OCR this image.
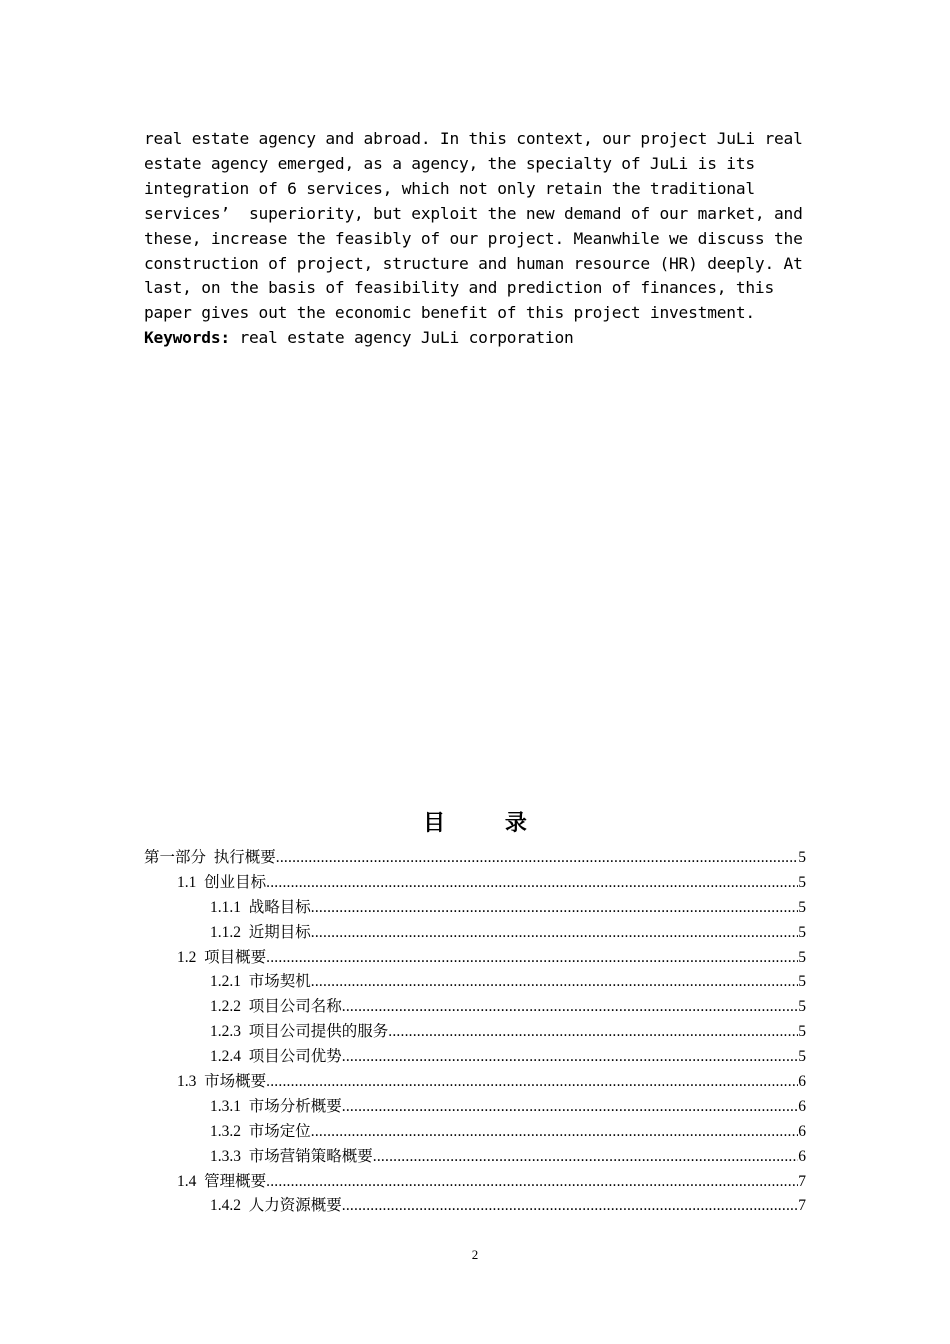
real estate agency and abroad. In this context, our project JuLi real
estate agency emerged, as a agency, the specialty of JuLi is its
integration of 6 services, which not only retain the traditional
services’  superiority, but exploit the new demand of our market, and
these, increase the feasibly of our project. Meanwhile we discuss the
construction of project, structure and human resource (HR) deeply. At
last, on the basis of feasibility and prediction of finances, this
paper gives out the economic benefit of this project investment.
Keywords: real estate agency JuLi corporation
目 录
第一部分  执行概要 .....	5
1.1  创业目标 .....	5
1.1.1  战略目标 .....	5
1.1.2  近期目标 .....	5
1.2  项目概要 .....	5
1.2.1  市场契机 .....	5
1.2.2  项目公司名称 .....	5
1.2.3  项目公司提供的服务 .....	5
1.2.4  项目公司优势 .....	5
1.3  市场概要 .....	6
1.3.1  市场分析概要 .....	6
1.3.2  市场定位 .....	6
1.3.3  市场营销策略概要 .....	6
1.4  管理概要 .....	7
1.4.2  人力资源概要 .....	7
2
